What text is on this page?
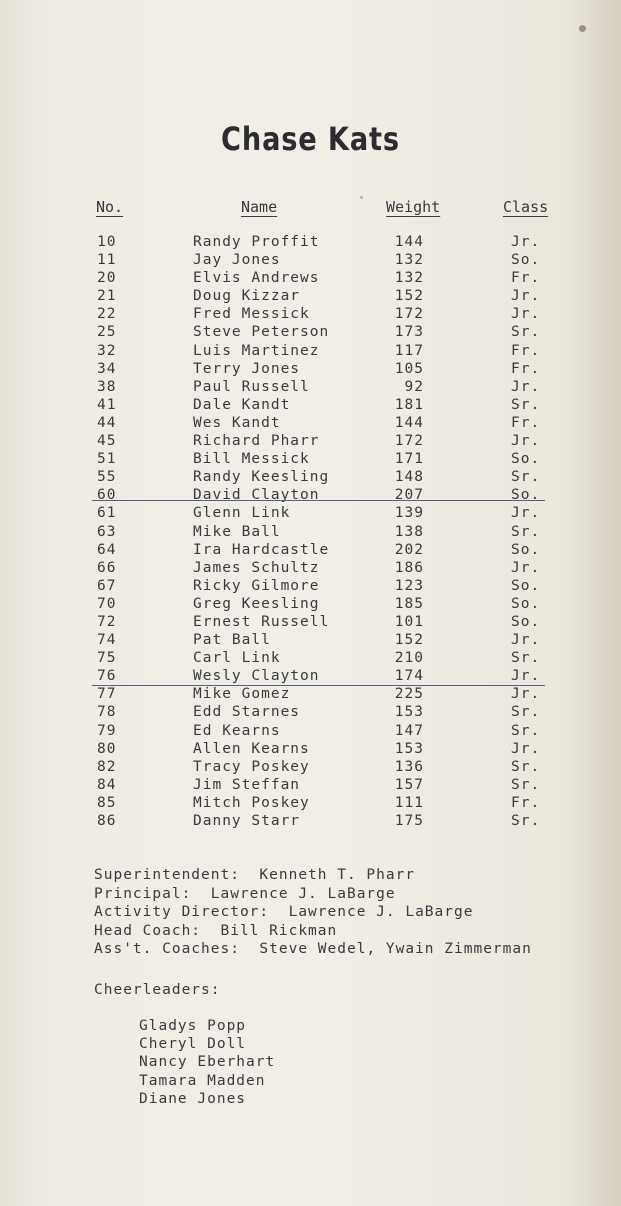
Chase Kats
No.	Name	Weight	Class
10	Randy Proffit	144	Jr.
11	Jay Jones	132	So.
20	Elvis Andrews	132	Fr.
21	Doug Kizzar	152	Jr.
22	Fred Messick	172	Jr.
25	Steve Peterson	173	Sr.
32	Luis Martinez	117	Fr.
34	Terry Jones	105	Fr.
38	Paul Russell	92	Jr.
41	Dale Kandt	181	Sr.
44	Wes Kandt	144	Fr.
45	Richard Pharr	172	Jr.
51	Bill Messick	171	So.
55	Randy Keesling	148	Sr.
60	David Clayton	207	So.
61	Glenn Link	139	Jr.
63	Mike Ball	138	Sr.
64	Ira Hardcastle	202	So.
66	James Schultz	186	Jr.
67	Ricky Gilmore	123	So.
70	Greg Keesling	185	So.
72	Ernest Russell	101	So.
74	Pat Ball	152	Jr.
75	Carl Link	210	Sr.
76	Wesly Clayton	174	Jr.
77	Mike Gomez	225	Jr.
78	Edd Starnes	153	Sr.
79	Ed Kearns	147	Sr.
80	Allen Kearns	153	Jr.
82	Tracy Poskey	136	Sr.
84	Jim Steffan	157	Sr.
85	Mitch Poskey	111	Fr.
86	Danny Starr	175	Sr.
Superintendent:  Kenneth T. Pharr
Principal:  Lawrence J. LaBarge
Activity Director:  Lawrence J. LaBarge
Head Coach:  Bill Rickman
Ass't. Coaches:  Steve Wedel, Ywain Zimmerman
Cheerleaders:
Gladys Popp
Cheryl Doll
Nancy Eberhart
Tamara Madden
Diane Jones
